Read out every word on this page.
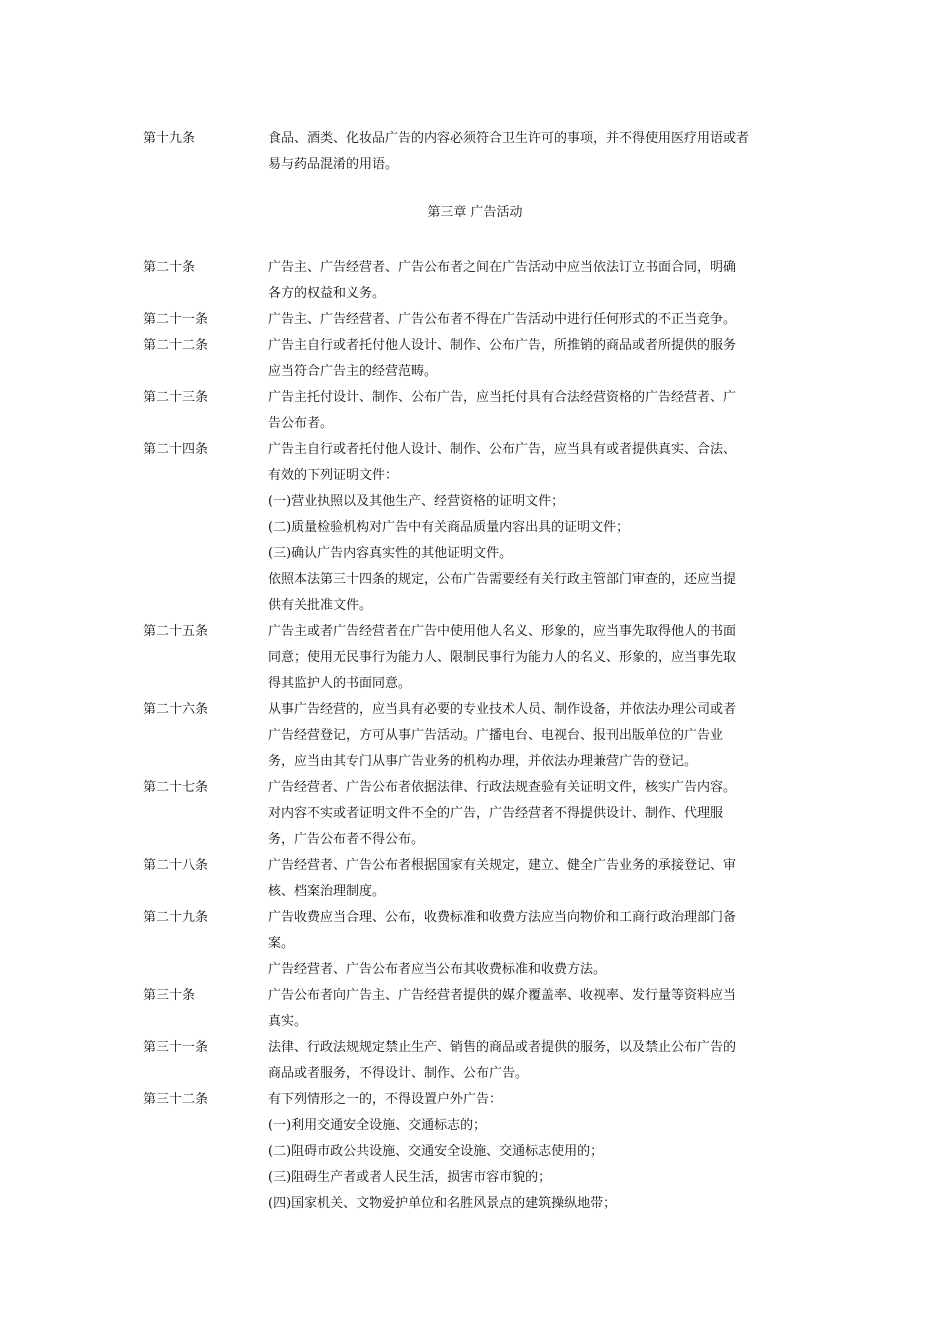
第十九条	食品、酒类、化妆品广告的内容必须符合卫生许可的事项，并不得使用医疗用语或者
易与药品混淆的用语。
第三章 广告活动
第二十条	广告主、广告经营者、广告公布者之间在广告活动中应当依法订立书面合同，明确
各方的权益和义务。
第二十一条	广告主、广告经营者、广告公布者不得在广告活动中进行任何形式的不正当竞争。
第二十二条	广告主自行或者托付他人设计、制作、公布广告，所推销的商品或者所提供的服务
应当符合广告主的经营范畴。
第二十三条	广告主托付设计、制作、公布广告，应当托付具有合法经营资格的广告经营者、广
告公布者。
第二十四条	广告主自行或者托付他人设计、制作、公布广告，应当具有或者提供真实、合法、
有效的下列证明文件：
(一)营业执照以及其他生产、经营资格的证明文件；
(二)质量检验机构对广告中有关商品质量内容出具的证明文件；
(三)确认广告内容真实性的其他证明文件。
依照本法第三十四条的规定，公布广告需要经有关行政主管部门审查的，还应当提
供有关批准文件。
第二十五条	广告主或者广告经营者在广告中使用他人名义、形象的，应当事先取得他人的书面
同意；使用无民事行为能力人、限制民事行为能力人的名义、形象的，应当事先取
得其监护人的书面同意。
第二十六条	从事广告经营的，应当具有必要的专业技术人员、制作设备，并依法办理公司或者
广告经营登记，方可从事广告活动。广播电台、电视台、报刊出版单位的广告业
务，应当由其专门从事广告业务的机构办理，并依法办理兼营广告的登记。
第二十七条	广告经营者、广告公布者依据法律、行政法规查验有关证明文件，核实广告内容。
对内容不实或者证明文件不全的广告，广告经营者不得提供设计、制作、代理服
务，广告公布者不得公布。
第二十八条	广告经营者、广告公布者根据国家有关规定，建立、健全广告业务的承接登记、审
核、档案治理制度。
第二十九条	广告收费应当合理、公布，收费标准和收费方法应当向物价和工商行政治理部门备
案。
广告经营者、广告公布者应当公布其收费标准和收费方法。
第三十条	广告公布者向广告主、广告经营者提供的媒介覆盖率、收视率、发行量等资料应当
真实。
第三十一条	法律、行政法规规定禁止生产、销售的商品或者提供的服务，以及禁止公布广告的
商品或者服务，不得设计、制作、公布广告。
第三十二条	有下列情形之一的，不得设置户外广告：
(一)利用交通安全设施、交通标志的；
(二)阻碍市政公共设施、交通安全设施、交通标志使用的；
(三)阻碍生产者或者人民生活，损害市容市貌的；
(四)国家机关、文物爱护单位和名胜风景点的建筑操纵地带；
